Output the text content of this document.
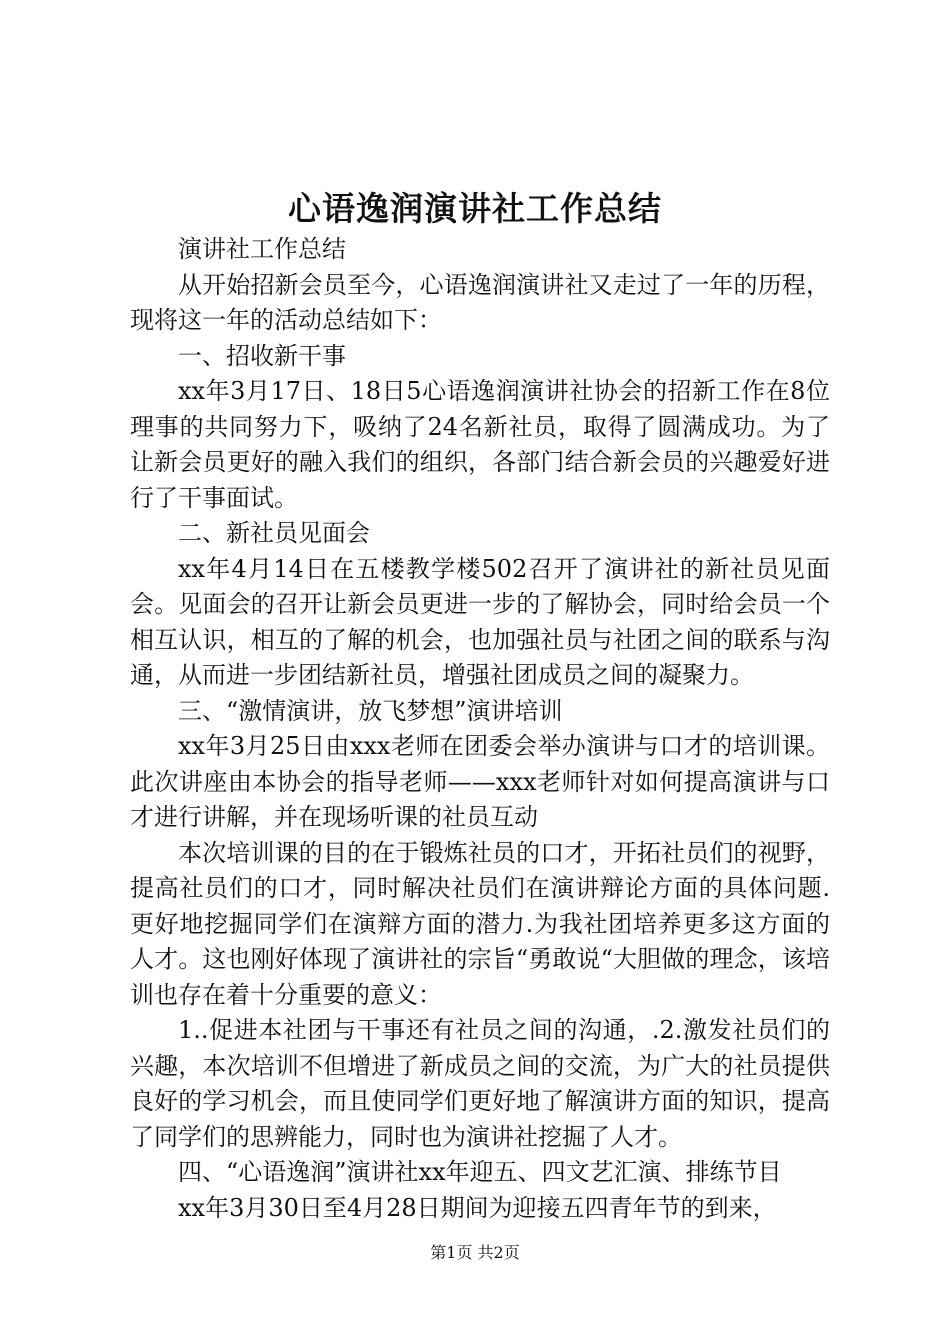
心语逸润演讲社工作总结

演讲社工作总结

从开始招新会员至今，心语逸润演讲社又走过了一年的历程，现将这一年的活动总结如下：

一、招收新干事

xx年3月17日、18日5心语逸润演讲社协会的招新工作在8位理事的共同努力下，吸纳了24名新社员，取得了圆满成功。为了让新会员更好的融入我们的组织，各部门结合新会员的兴趣爱好进行了干事面试。

二、新社员见面会

xx年4月14日在五楼教学楼502召开了演讲社的新社员见面会。见面会的召开让新会员更进一步的了解协会，同时给会员一个相互认识，相互的了解的机会，也加强社员与社团之间的联系与沟通，从而进一步团结新社员，增强社团成员之间的凝聚力。

三、“激情演讲，放飞梦想”演讲培训

xx年3月25日由xxx老师在团委会举办演讲与口才的培训课。此次讲座由本协会的指导老师——xxx老师针对如何提高演讲与口才进行讲解，并在现场听课的社员互动

本次培训课的目的在于锻炼社员的口才，开拓社员们的视野，提高社员们的口才，同时解决社员们在演讲辩论方面的具体问题.更好地挖掘同学们在演辩方面的潜力.为我社团培养更多这方面的人才。这也刚好体现了演讲社的宗旨“勇敢说“大胆做的理念，该培训也存在着十分重要的意义：

1..促进本社团与干事还有社员之间的沟通，.2.激发社员们的兴趣，本次培训不但增进了新成员之间的交流，为广大的社员提供良好的学习机会，而且使同学们更好地了解演讲方面的知识，提高了同学们的思辨能力，同时也为演讲社挖掘了人才。

四、“心语逸润”演讲社xx年迎五、四文艺汇演、排练节目

xx年3月30日至4月28日期间为迎接五四青年节的到来，

第1页 共2页
